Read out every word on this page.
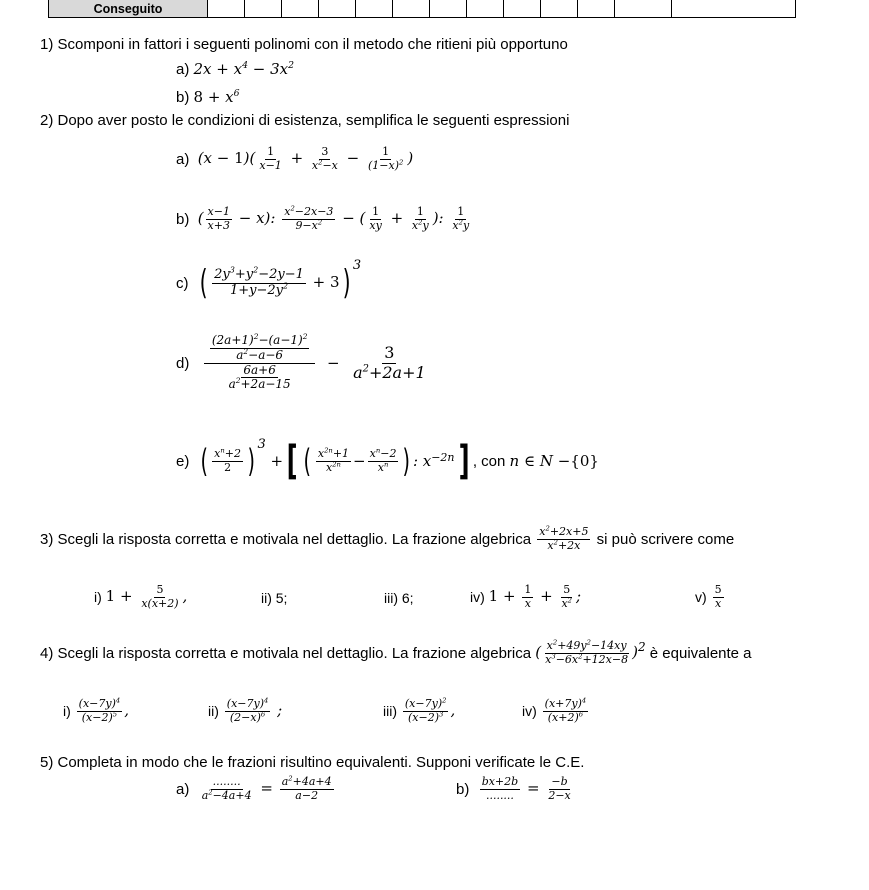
Conseguito													
1) Scomponi in fattori i seguenti polinomi con il metodo che ritieni più opportuno
a)
$2x + x^4 - 3x^2$
b)
$8 + x^6$
2) Dopo aver posto le condizioni di esistenza, semplifica le seguenti espressioni
a)
$(x - 1)( \frac{1}{x-1} + \frac{3}{x^2-x} - \frac{1}{(1-x)^2}$ )
b)
( $\frac{x-1}{x+3} - x$): $\frac{x^2-2x-3}{9-x^2}$ − ( $\frac{1}{xy} + \frac{1}{x^2y}$ ): $\frac{1}{x^2y}$
c)
( $\frac{2y^3+y^2-2y-1}{1+y-2y^2} + 3$) $^3$
d)
$\frac{\frac{(2a+1)^2-(a-1)^2}{a^2-a-6}}{\frac{6a+6}{a^2+2a-15}} - \frac{3}{a^2+2a+1}$
e)
( $\frac{x^n+2}{2} )^3$
+ [ ( $\frac{x^{2n}+1}{x^{2n}} - \frac{x^n-2}{x^n}$ ) : $x^{-2n}$ ] , con n ∈ N − {0}
3) Scegli la risposta corretta e motivala nel dettaglio. La frazione algebrica
$\frac{x^2+2x+5}{x^2+2x}$
si può scrivere come
i)
$1 + \frac{5}{x(x+2)}$ ,	ii) 5;	iii) 6;	iv)
$1 + \frac{1}{x} + \frac{5}{x^2}$ ;	v)
$\frac{5}{x}$
4) Scegli la risposta corretta e motivala nel dettaglio. La frazione algebrica
( $\frac{x^2+49y^2-14xy}{x^3-6x^2+12x-8} )^2$
è equivalente a
i)
$\frac{(x-7y)^4}{(x-2)^5}$ ,	ii)
$\frac{(x-7y)^4}{(2-x)^6}$ ;	iii)
$\frac{(x-7y)^2}{(x-2)^3}$ ,	iv)
$\frac{(x+7y)^4}{(x+2)^6}$
5) Completa in modo che le frazioni risultino equivalenti. Supponi verificate le C.E.
a)
$\frac{........}{a^2-4a+4} = \frac{a^2+4a+4}{a-2}$	b)
$\frac{bx+2b}{........} = \frac{-b}{2-x}$
